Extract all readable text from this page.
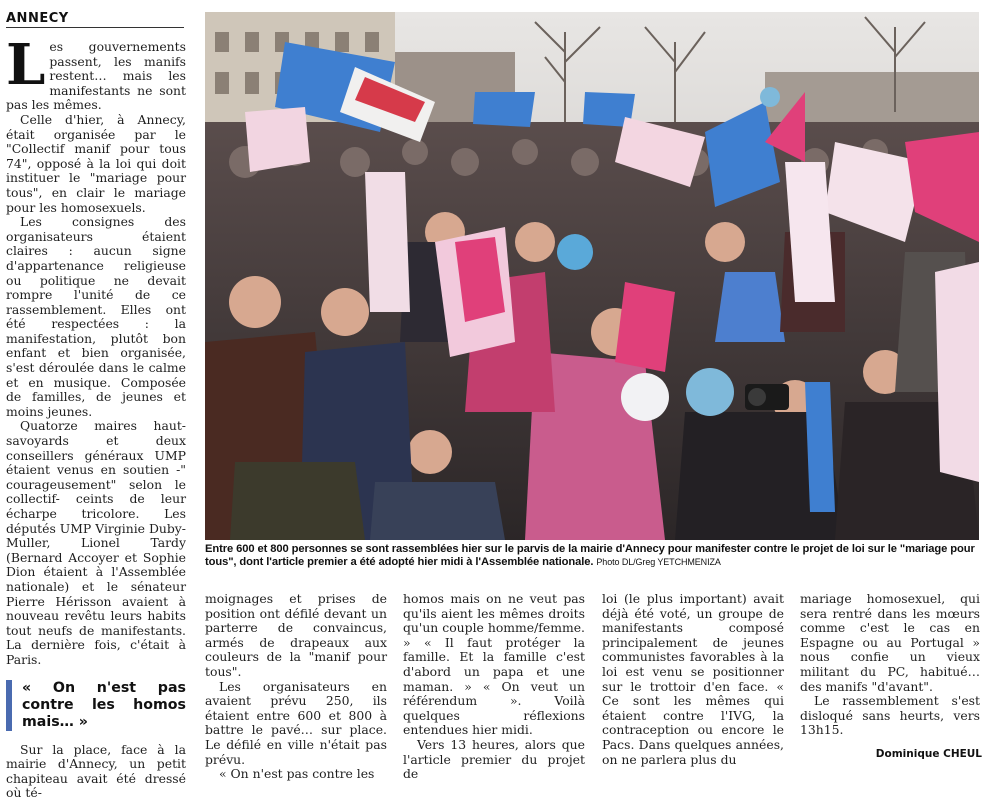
ANNECY

Les gouvernements passent, les manifs restent… mais les manifestants ne sont pas les mêmes.

Celle d'hier, à Annecy, était organisée par le "Collectif manif pour tous 74", opposé à la loi qui doit instituer le "mariage pour tous", en clair le mariage pour les homosexuels.

Les consignes des organisateurs étaient claires : aucun signe d'appartenance religieuse ou politique ne devait rompre l'unité de ce rassemblement. Elles ont été respectées : la manifestation, plutôt bon enfant et bien organisée, s'est déroulée dans le calme et en musique. Composée de familles, de jeunes et moins jeunes.

Quatorze maires haut-savoyards et deux conseillers généraux UMP étaient venus en soutien -" courageusement" selon le collectif- ceints de leur écharpe tricolore. Les députés UMP Virginie Duby-Muller, Lionel Tardy (Bernard Accoyer et Sophie Dion étaient à l'Assemblée nationale) et le sénateur Pierre Hérisson avaient à nouveau revêtu leurs habits tout neufs de manifestants. La dernière fois, c'était à Paris.

« On n'est pas contre les homos mais… »

Sur la place, face à la mairie d'Annecy, un petit chapiteau avait été dressé où té-

Entre 600 et 800 personnes se sont rassemblées hier sur le parvis de la mairie d'Annecy pour manifester contre le projet de loi sur le "mariage pour tous", dont l'article premier a été adopté hier midi à l'Assemblée nationale. Photo DL/Greg YETCHMENIZA

moignages et prises de position ont défilé devant un parterre de convaincus, armés de drapeaux aux couleurs de la "manif pour tous".

Les organisateurs en avaient prévu 250, ils étaient entre 600 et 800 à battre le pavé… sur place. Le défilé en ville n'était pas prévu.

« On n'est pas contre les

homos mais on ne veut pas qu'ils aient les mêmes droits qu'un couple homme/femme. » « Il faut protéger la famille. Et la famille c'est d'abord un papa et une maman. » « On veut un référendum ». Voilà quelques réflexions entendues hier midi.

Vers 13 heures, alors que l'article premier du projet de

loi (le plus important) avait déjà été voté, un groupe de manifestants composé principalement de jeunes communistes favorables à la loi est venu se positionner sur le trottoir d'en face. « Ce sont les mêmes qui étaient contre l'IVG, la contraception ou encore le Pacs. Dans quelques années, on ne parlera plus du

mariage homosexuel, qui sera rentré dans les mœurs comme c'est le cas en Espagne ou au Portugal » nous confie un vieux militant du PC, habitué… des manifs "d'avant".

Le rassemblement s'est disloqué sans heurts, vers 13h15.

Dominique CHEUL
